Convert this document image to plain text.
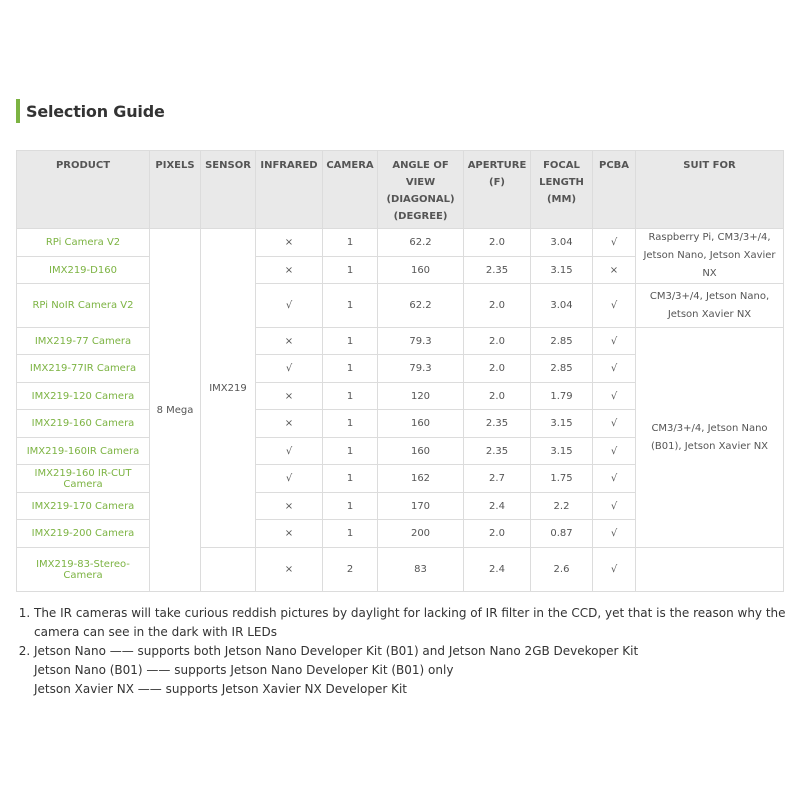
Selection Guide
PRODUCT	PIXELS	SENSOR	INFRARED	CAMERA	ANGLE OF VIEW (DIAGONAL) (DEGREE)	APERTURE (F)	FOCAL LENGTH (MM)	PCBA	SUIT FOR
RPi Camera V2	8 Mega	IMX219	×	1	62.2	2.0	3.04	√	Raspberry Pi, CM3/3+/4, Jetson Nano, Jetson Xavier NX
IMX219-D160			×	1	160	2.35	3.15	×	
RPi NoIR Camera V2			√	1	62.2	2.0	3.04	√	CM3/3+/4, Jetson Nano, Jetson Xavier NX
IMX219-77 Camera			×	1	79.3	2.0	2.85	√	CM3/3+/4, Jetson Nano (B01), Jetson Xavier NX
IMX219-77IR Camera			√	1	79.3	2.0	2.85	√	
IMX219-120 Camera			×	1	120	2.0	1.79	√	
IMX219-160 Camera			×	1	160	2.35	3.15	√	
IMX219-160IR Camera			√	1	160	2.35	3.15	√	
IMX219-160 IR-CUT Camera			√	1	162	2.7	1.75	√	
IMX219-170 Camera			×	1	170	2.4	2.2	√	
IMX219-200 Camera			×	1	200	2.0	0.87	√	
IMX219-83-Stereo-Camera			×	2	83	2.4	2.6	√	
1. The IR cameras will take curious reddish pictures by daylight for lacking of IR filter in the CCD, yet that is the reason why the camera can see in the dark with IR LEDs
2. Jetson Nano —— supports both Jetson Nano Developer Kit (B01) and Jetson Nano 2GB Devekoper Kit
Jetson Nano (B01) —— supports Jetson Nano Developer Kit (B01) only
Jetson Xavier NX —— supports Jetson Xavier NX Developer Kit
